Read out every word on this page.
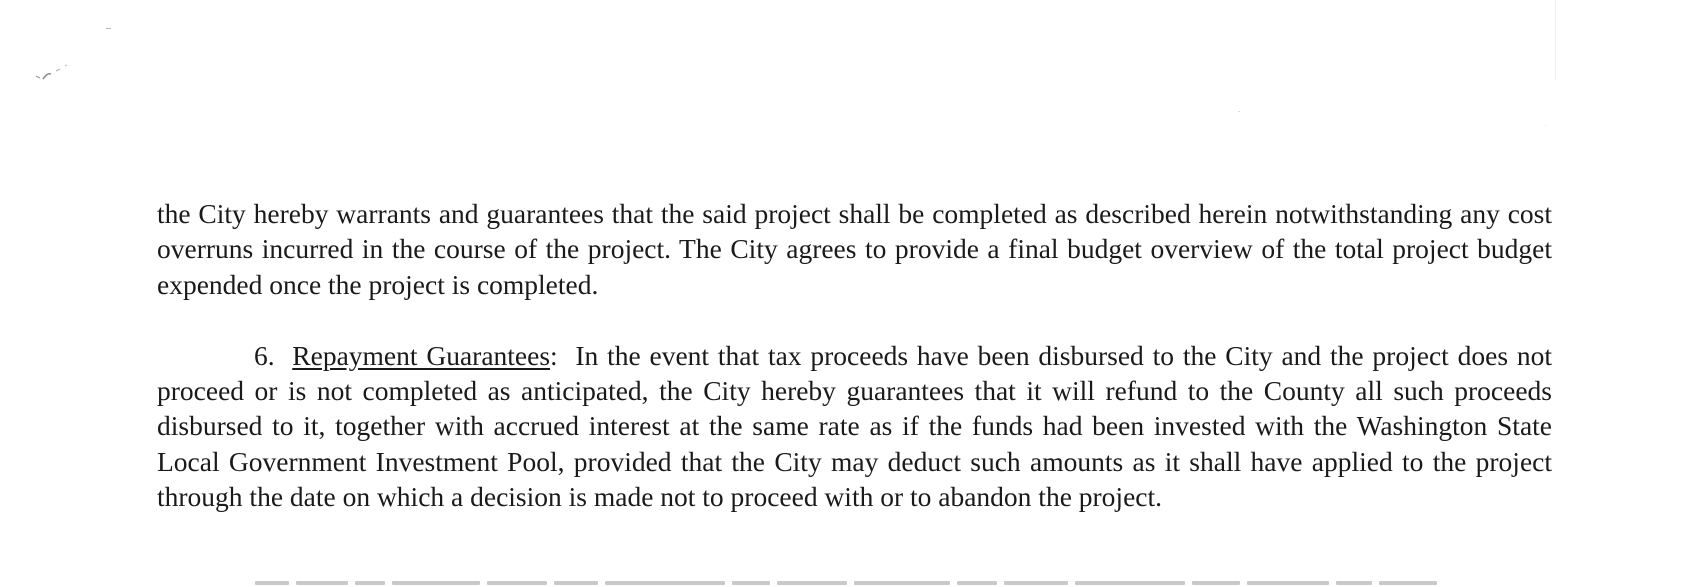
the City hereby warrants and guarantees that the said project shall be completed as described herein notwithstanding any cost overruns incurred in the course of the project. The City agrees to provide a final budget overview of the total project budget expended once the project is completed.

6. Repayment Guarantees: In the event that tax proceeds have been disbursed to the City and the project does not proceed or is not completed as anticipated, the City hereby guarantees that it will refund to the County all such proceeds disbursed to it, together with accrued interest at the same rate as if the funds had been invested with the Washington State Local Government Investment Pool, provided that the City may deduct such amounts as it shall have applied to the project through the date on which a decision is made not to proceed with or to abandon the project.
